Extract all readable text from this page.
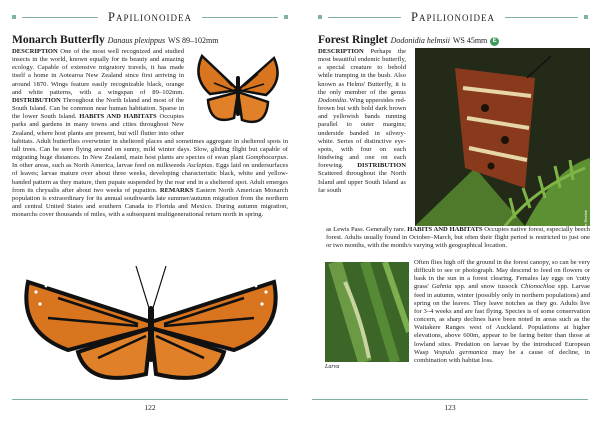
Papilionoidea
Monarch Butterfly Danaus plexippus WS 89–102mm
DESCRIPTION One of the most well recognized and studied insects in the world, known equally for its beauty and amazing ecology. Capable of extensive migratory travels, it has made itself a home in Aotearoa New Zealand since first arriving in around 1870. Wings feature easily recognizable black, orange and white patterns, with a wingspan of 89–102mm. DISTRIBUTION Throughout the North Island and most of the South Island. Can be common near human habitation. Sparse in the lower South Island. HABITS AND HABITATS Occupies parks and gardens in many towns and cities throughout New Zealand, where host plants are present, but will flutter into other habitats. Adult butterflies overwinter in sheltered places and sometimes aggregate in sheltered spots in tall trees. Can be seen flying around on sunny, mild winter days. Slow, gliding flight but capable of migrating huge distances. In New Zealand, main host plants are species of swan plant Gomphocarpus. In other areas, such as North America, larvae feed on milkweeds Asclepias. Eggs laid on undersurfaces of leaves; larvae mature over about three weeks, developing characteristic black, white and yellow-banded pattern as they mature, then pupate suspended by the rear end in a sheltered spot. Adult emerges from its chrysalis after about two weeks of pupation. REMARKS Eastern North American Monarch population is extraordinary for its annual southwards late summer/autumn migration from the northern and central United States and southern Canada to Florida and Mexico. During autumn migration, monarchs cover thousands of miles, with a subsequent multigenerational return north in spring.
122
Papilionoidea
Forest Ringlet Dodonidia helmsii WS 45mm E
DESCRIPTION Perhaps the most beautiful endemic butterfly, a special creature to behold while tramping in the bush. Also known as Helms' Butterfly, it is the only member of the genus Dodonidia. Wing uppersides red-brown but with bold dark brown and yellowish bands running parallel to outer margins; underside banded in silvery-white. Series of distinctive eye-spots, with four on each hindwing and one on each forewing. DISTRIBUTION Scattered throughout the North Island and upper South Island as far south
123
Steve Reekie
as Lewis Pass. Generally rare. HABITS AND HABITATS Occupies native forest, especially beech forest. Adults usually found in October–March, but often their flight period is restricted to just one or two months, with the month/s varying with geographical location.
Larva
Often flies high off the ground in the forest canopy, so can be very difficult to see or photograph. May descend to feed on flowers or bask in the sun in a forest clearing. Females lay eggs on 'cutty grass' Gahnia spp. and snow tussock Chionochloa spp. Larvae feed in autumn, winter (possibly only in northern populations) and spring on the leaves. They leave notches as they go. Adults live for 3–4 weeks and are fast flying. Species is of some conservation concern, as sharp declines have been noted in areas such as the Waitakere Ranges west of Auckland. Populations at higher elevations, above 600m, appear to be faring better than those at lowland sites. Predation on larvae by the introduced European Wasp Vespula germanica may be a cause of decline, in combination with habitat loss.
